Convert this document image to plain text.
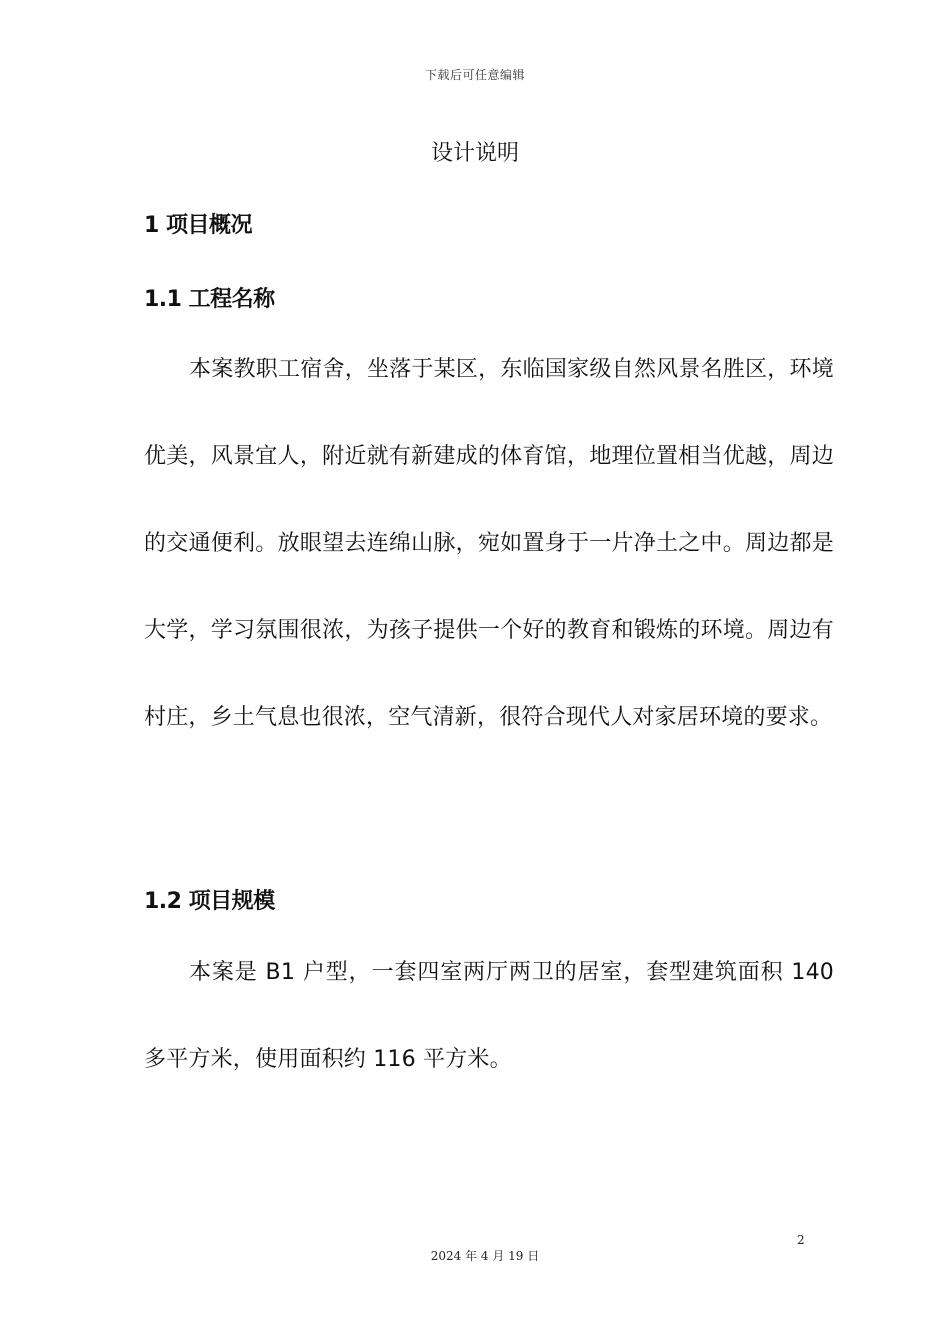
下载后可任意编辑
设计说明
1 项目概况
1.1 工程名称

本案教职工宿舍，坐落于某区，东临国家级自然风景名胜区，环境优美，风景宜人，附近就有新建成的体育馆，地理位置相当优越，周边的交通便利。放眼望去连绵山脉，宛如置身于一片净土之中。周边都是大学，学习氛围很浓，为孩子提供一个好的教育和锻炼的环境。周边有村庄，乡土气息也很浓，空气清新，很符合现代人对家居环境的要求。

1.2 项目规模

本案是 B1 户型，一套四室两厅两卫的居室，套型建筑面积 140 多平方米，使用面积约 116 平方米。

2
2024 年 4 月 19 日
